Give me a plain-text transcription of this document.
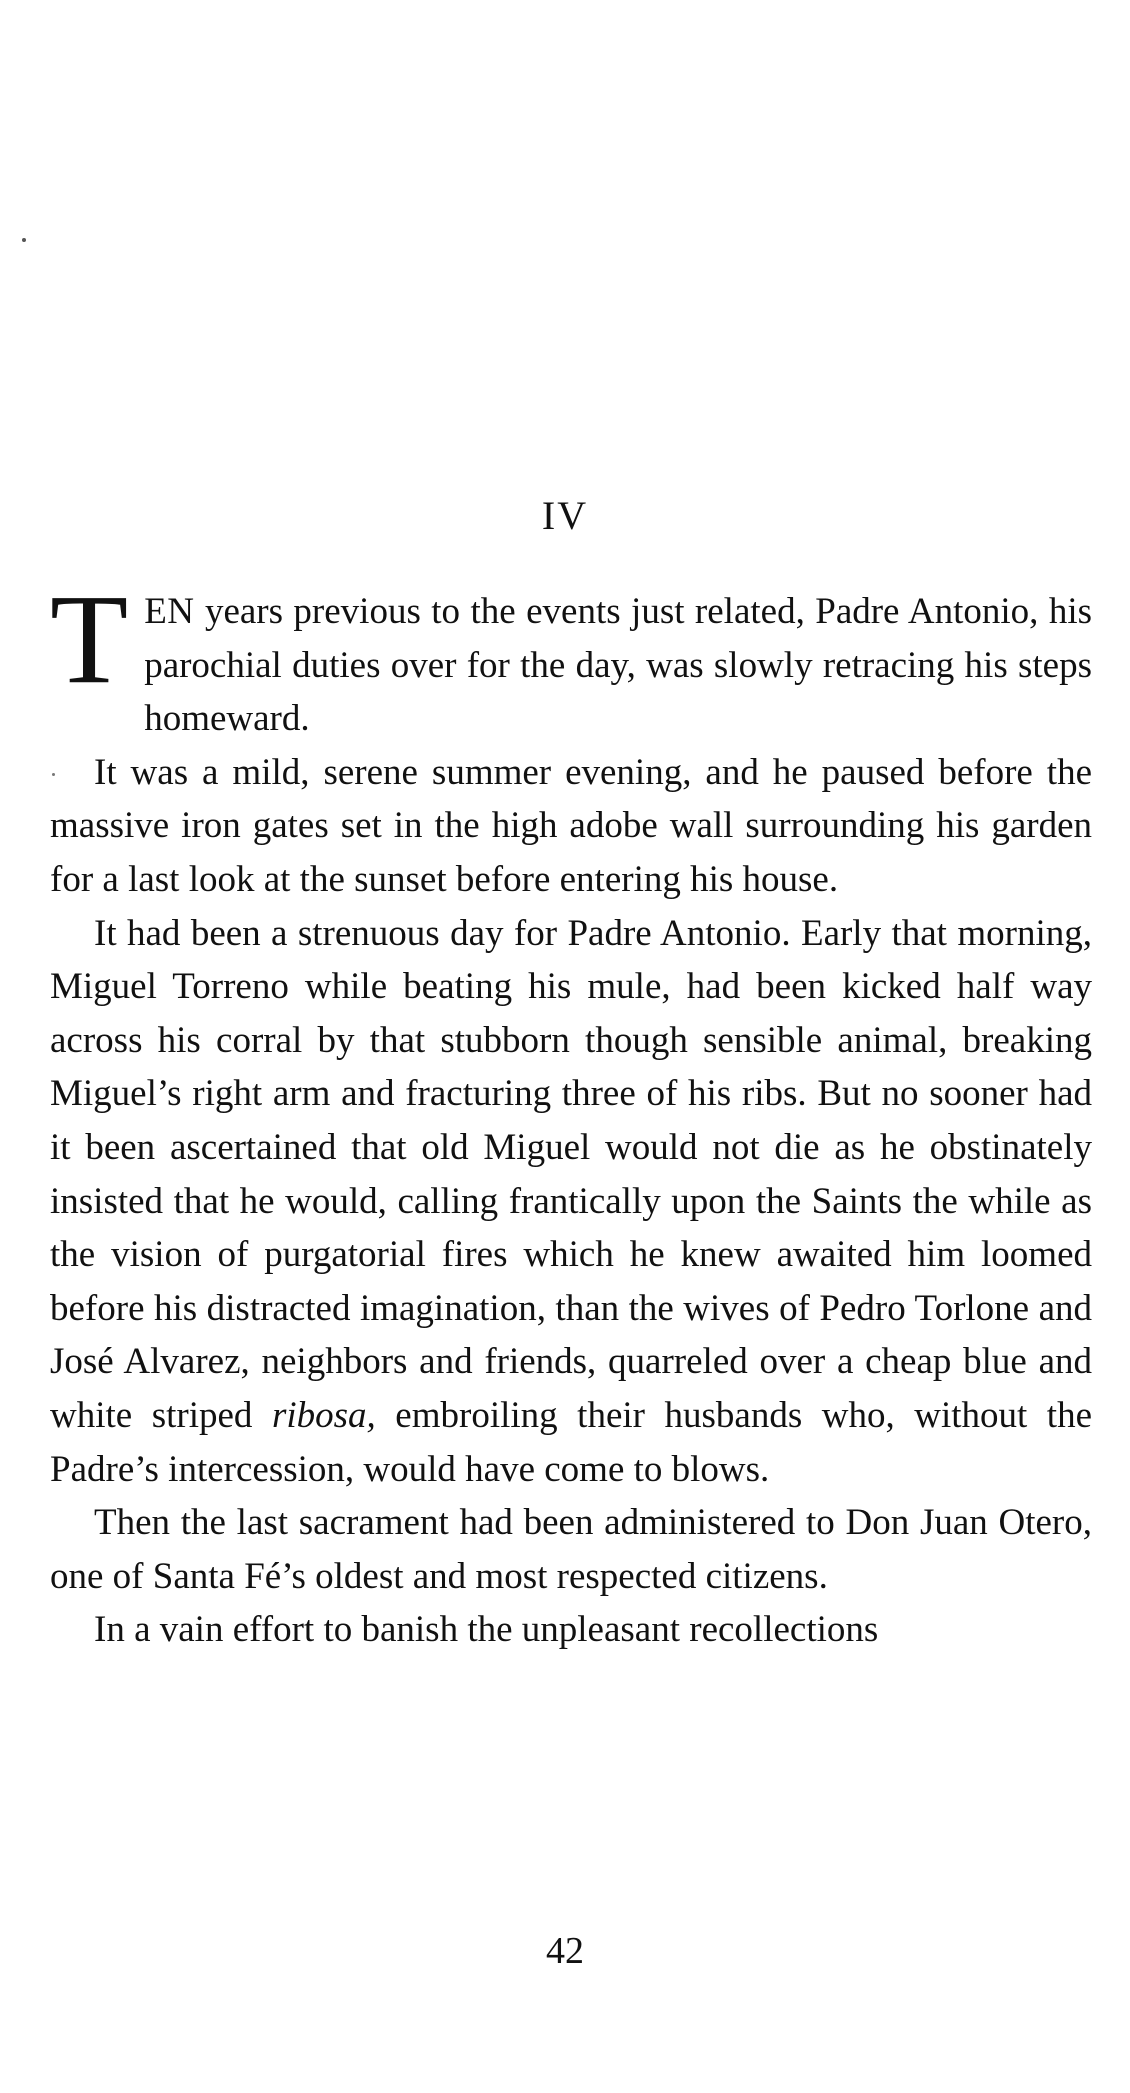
IV

TEN years previous to the events just related, Padre Antonio, his parochial duties over for the day, was slowly retracing his steps homeward.

It was a mild, serene summer evening, and he paused before the massive iron gates set in the high adobe wall surrounding his garden for a last look at the sunset before entering his house.

It had been a strenuous day for Padre Antonio. Early that morning, Miguel Torreno while beating his mule, had been kicked half way across his corral by that stubborn though sensible animal, breaking Miguel’s right arm and fracturing three of his ribs. But no sooner had it been ascertained that old Miguel would not die as he obstinately insisted that he would, calling frantically upon the Saints the while as the vision of purgatorial fires which he knew awaited him loomed before his distracted imagination, than the wives of Pedro Torlone and José Alvarez, neighbors and friends, quarreled over a cheap blue and white striped ribosa, embroiling their husbands who, without the Padre’s intercession, would have come to blows.

Then the last sacrament had been administered to Don Juan Otero, one of Santa Fé’s oldest and most respected citizens.

In a vain effort to banish the unpleasant recollections

42
